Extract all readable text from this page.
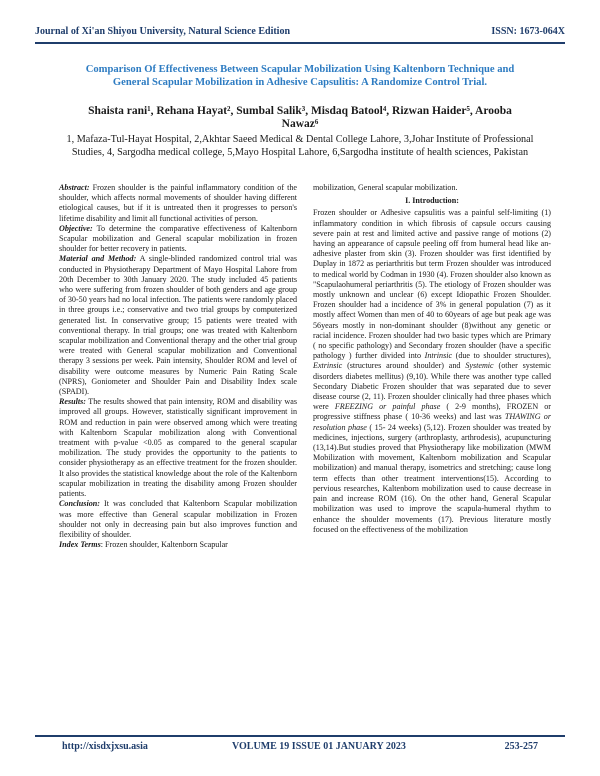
Journal of Xi'an Shiyou University, Natural Science Edition	ISSN: 1673-064X
Comparison Of Effectiveness Between Scapular Mobilization Using Kaltenborn Technique and General Scapular Mobilization in Adhesive Capsulitis: A Randomize Control Trial.
Shaista rani¹, Rehana Hayat², Sumbal Salik³, Misdaq Batool⁴, Rizwan Haider⁵, Arooba Nawaz⁶
1, Mafaza-Tul-Hayat Hospital, 2,Akhtar Saeed Medical & Dental College Lahore, 3,Johar Institute of Professional Studies, 4, Sargodha medical college, 5,Mayo Hospital Lahore, 6,Sargodha institute of health sciences, Pakistan

Abstract: Frozen shoulder is the painful inflammatory condition of the shoulder, which affects normal movements of shoulder having different etiological causes, but if it is untreated then it progresses to person's lifetime disability and limit all functional activities of person.

Objective: To determine the comparative effectiveness of Kaltenborn Scapular mobilization and General scapular mobilization in frozen shoulder for better recovery in patients.

Material and Method: A single-blinded randomized control trial was conducted in Physiotherapy Department of Mayo Hospital Lahore from 20th December to 30th January 2020. The study included 45 patients who were suffering from frozen shoulder of both genders and age group of 30-50 years had no local infection. The patients were randomly placed in three groups i.e.; conservative and two trial groups by computerized generated list. In conservative group; 15 patients were treated with conventional therapy. In trial groups; one was treated with Kaltenborn scapular mobilization and Conventional therapy and the other trial group were treated with General scapular mobilization and Conventional therapy 3 sessions per week. Pain intensity, Shoulder ROM and level of disability were outcome measures by Numeric Pain Rating Scale (NPRS), Goniometer and Shoulder Pain and Disability Index scale (SPADI).

Results: The results showed that pain intensity, ROM and disability was improved all groups. However, statistically significant improvement in ROM and reduction in pain were observed among which were treating with Kaltenborn Scapular mobilization along with Conventional treatment with p-value <0.05 as compared to the general scapular mobilization. The study provides the opportunity to the patients to consider physiotherapy as an effective treatment for the frozen shoulder. It also provides the statistical knowledge about the role of the Kaltenborn scapular mobilization in treating the disability among Frozen shoulder patients.

Conclusion: It was concluded that Kaltenborn Scapular mobilization was more effective than General scapular mobilization in Frozen shoulder not only in decreasing pain but also improves function and flexibility of shoulder.

Index Terms: Frozen shoulder, Kaltenborn Scapular

mobilization, General scapular mobilization.

I. Introduction:

Frozen shoulder or Adhesive capsulitis was a painful self-limiting (1) inflammatory condition in which fibrosis of capsule occurs causing severe pain at rest and limited active and passive range of motions (2) having an appearance of capsule peeling off from humeral head like an-adhesive plaster from skin (3). Frozen shoulder was first identified by Duplay in 1872 as periarthritis but term Frozen shoulder was introduced to medical world by Codman in 1930 (4). Frozen shoulder also known as "Scapulaohumeral periarthritis (5). The etiology of Frozen shoulder was mostly unknown and unclear (6) except Idiopathic Frozen Shoulder. Frozen shoulder had a incidence of 3% in general population (7) as it mostly affect Women than men of 40 to 60years of age but peak age was 56years mostly in non-dominant shoulder (8)without any genetic or racial incidence. Frozen shoulder had two basic types which are Primary ( no specific pathology) and Secondary frozen shoulder (have a specific pathology ) further divided into Intrinsic (due to shoulder structures), Extrinsic (structures around shoulder) and Systemic (other systemic disorders diabetes mellitus) (9,10). While there was another type called Secondary Diabetic Frozen shoulder that was separated due to sever disease course (2, 11). Frozen shoulder clinically had three phases which were FREEZING or painful phase ( 2-9 months), FROZEN or progressive stiffness phase ( 10-36 weeks) and last was THAWING or resolution phase ( 15- 24 weeks) (5,12). Frozen shoulder was treated by medicines, injections, surgery (arthroplasty, arthrodesis), acupuncturing (13,14).But studies proved that Physiotherapy like mobilization (MWM Mobilization with movement, Kaltenborn mobilization and Scapular mobilization) and manual therapy, isometrics and stretching; cause long term effects than other treatment interventions(15). According to pervious researches, Kaltenborn mobilization used to cause decrease in pain and increase ROM (16). On the other hand, General Scapular mobilization was used to improve the scapula-humeral rhythm to enhance the shoulder movements (17). Previous literature mostly focused on the effectiveness of the mobilization

http://xisdxjxsu.asia	VOLUME 19 ISSUE 01 JANUARY 2023	253-257
